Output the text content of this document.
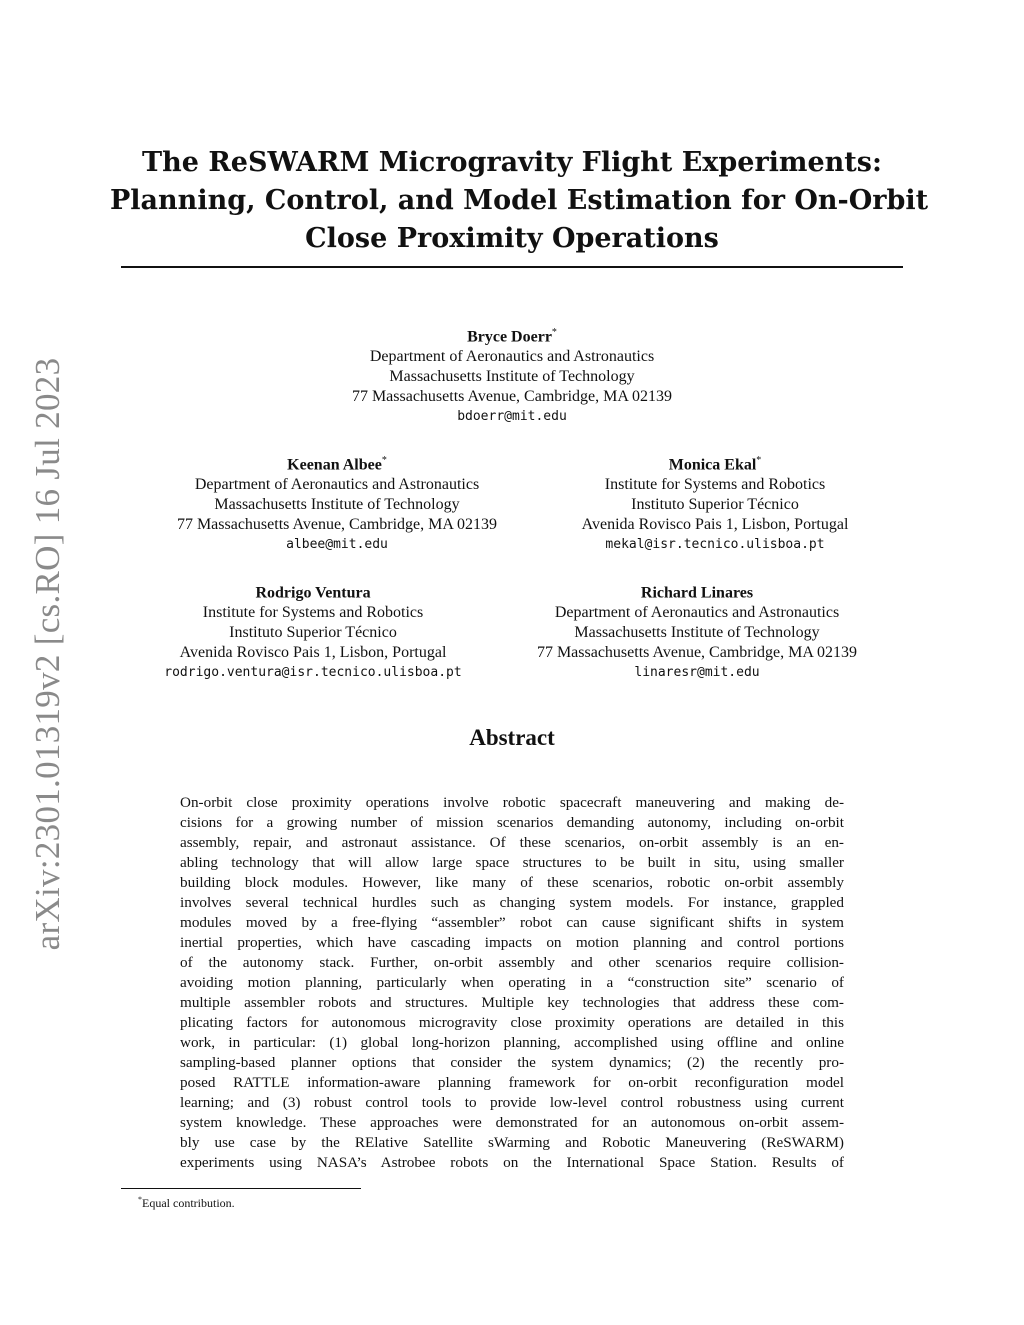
arXiv:2301.01319v2 [cs.RO] 16 Jul 2023
The ReSWARM Microgravity Flight Experiments:
Planning, Control, and Model Estimation for On-Orbit
Close Proximity Operations
Bryce Doerr*
Department of Aeronautics and Astronautics
Massachusetts Institute of Technology
77 Massachusetts Avenue, Cambridge, MA 02139
bdoerr@mit.edu
Keenan Albee*
Department of Aeronautics and Astronautics
Massachusetts Institute of Technology
77 Massachusetts Avenue, Cambridge, MA 02139
albee@mit.edu
Monica Ekal*
Institute for Systems and Robotics
Instituto Superior Técnico
Avenida Rovisco Pais 1, Lisbon, Portugal
mekal@isr.tecnico.ulisboa.pt
Rodrigo Ventura
Institute for Systems and Robotics
Instituto Superior Técnico
Avenida Rovisco Pais 1, Lisbon, Portugal
rodrigo.ventura@isr.tecnico.ulisboa.pt
Richard Linares
Department of Aeronautics and Astronautics
Massachusetts Institute of Technology
77 Massachusetts Avenue, Cambridge, MA 02139
linaresr@mit.edu
Abstract
On-orbit close proximity operations involve robotic spacecraft maneuvering and making de-
cisions for a growing number of mission scenarios demanding autonomy, including on-orbit
assembly, repair, and astronaut assistance. Of these scenarios, on-orbit assembly is an en-
abling technology that will allow large space structures to be built in situ, using smaller
building block modules. However, like many of these scenarios, robotic on-orbit assembly
involves several technical hurdles such as changing system models. For instance, grappled
modules moved by a free-flying “assembler” robot can cause significant shifts in system
inertial properties, which have cascading impacts on motion planning and control portions
of the autonomy stack. Further, on-orbit assembly and other scenarios require collision-
avoiding motion planning, particularly when operating in a “construction site” scenario of
multiple assembler robots and structures. Multiple key technologies that address these com-
plicating factors for autonomous microgravity close proximity operations are detailed in this
work, in particular: (1) global long-horizon planning, accomplished using offline and online
sampling-based planner options that consider the system dynamics; (2) the recently pro-
posed RATTLE information-aware planning framework for on-orbit reconfiguration model
learning; and (3) robust control tools to provide low-level control robustness using current
system knowledge. These approaches were demonstrated for an autonomous on-orbit assem-
bly use case by the RElative Satellite sWarming and Robotic Maneuvering (ReSWARM)
experiments using NASA’s Astrobee robots on the International Space Station. Results of
*Equal contribution.
